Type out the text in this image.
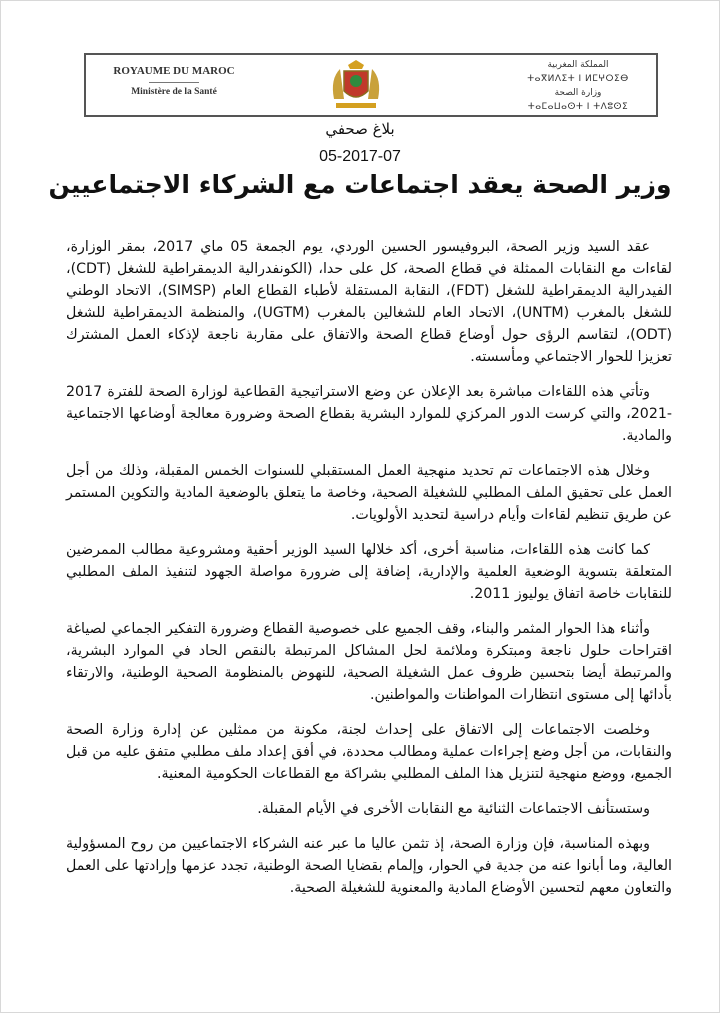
ROYAUME DU MAROC
Ministère de la Santé
المملكة المغربية
ⵜⴰⴳⵍⴷⵉⵜ ⵏ ⵍⵎⵖⵔⵉⴱ
وزارة الصحة
ⵜⴰⵎⴰⵡⴰⵙⵜ ⵏ ⵜⴷⵓⵙⵉ
بلاغ صحفي
05-2017-07
وزير الصحة يعقد اجتماعات مع الشركاء الاجتماعيين

عقد السيد وزير الصحة، البروفيسور الحسين الوردي، يوم الجمعة 05 ماي 2017، بمقر الوزارة، لقاءات مع النقابات الممثلة في قطاع الصحة، كل على حدا، (الكونفدرالية الديمقراطية للشغل (CDT)، الفيدرالية الديمقراطية للشغل (FDT)، النقابة المستقلة لأطباء القطاع العام (SIMSP)، الاتحاد الوطني للشغل بالمغرب (UNTM)، الاتحاد العام للشغالين بالمغرب (UGTM)، والمنظمة الديمقراطية للشغل (ODT)، لتقاسم الرؤى حول أوضاع قطاع الصحة والاتفاق على مقاربة ناجعة لإذكاء العمل المشترك تعزيزا للحوار الاجتماعي ومأسسته.

وتأتي هذه اللقاءات مباشرة بعد الإعلان عن وضع الاستراتيجية القطاعية لوزارة الصحة للفترة 2017 -2021، والتي كرست الدور المركزي للموارد البشرية بقطاع الصحة وضرورة معالجة أوضاعها الاجتماعية والمادية.

وخلال هذه الاجتماعات تم تحديد منهجية العمل المستقبلي للسنوات الخمس المقبلة، وذلك من أجل العمل على تحقيق الملف المطلبي للشغيلة الصحية، وخاصة ما يتعلق بالوضعية المادية والتكوين المستمر عن طريق تنظيم لقاءات وأيام دراسية لتحديد الأولويات.

كما كانت هذه اللقاءات، مناسبة أخرى، أكد خلالها السيد الوزير أحقية ومشروعية مطالب الممرضين المتعلقة بتسوية الوضعية العلمية والإدارية، إضافة إلى ضرورة مواصلة الجهود لتنفيذ الملف المطلبي للنقابات خاصة اتفاق يوليوز 2011.

وأثناء هذا الحوار المثمر والبناء، وقف الجميع على خصوصية القطاع وضرورة التفكير الجماعي لصياغة اقتراحات حلول ناجعة ومبتكرة وملائمة لحل المشاكل المرتبطة بالنقص الحاد في الموارد البشرية، والمرتبطة أيضا بتحسين ظروف عمل الشغيلة الصحية، للنهوض بالمنظومة الصحية الوطنية، والارتقاء بأدائها إلى مستوى انتظارات المواطنات والمواطنين.

وخلصت الاجتماعات إلى الاتفاق على إحداث لجنة، مكونة من ممثلين عن إدارة وزارة الصحة والنقابات، من أجل وضع إجراءات عملية ومطالب محددة، في أفق إعداد ملف مطلبي متفق عليه من قبل الجميع، ووضع منهجية لتنزيل هذا الملف المطلبي بشراكة مع القطاعات الحكومية المعنية.

وستستأنف الاجتماعات الثنائية مع النقابات الأخرى في الأيام المقبلة.

وبهذه المناسبة، فإن وزارة الصحة، إذ تثمن عاليا ما عبر عنه الشركاء الاجتماعيين من روح المسؤولية العالية، وما أبانوا عنه من جدية في الحوار، وإلمام بقضايا الصحة الوطنية، تجدد عزمها وإرادتها على العمل والتعاون معهم لتحسين الأوضاع المادية والمعنوية للشغيلة الصحية.
